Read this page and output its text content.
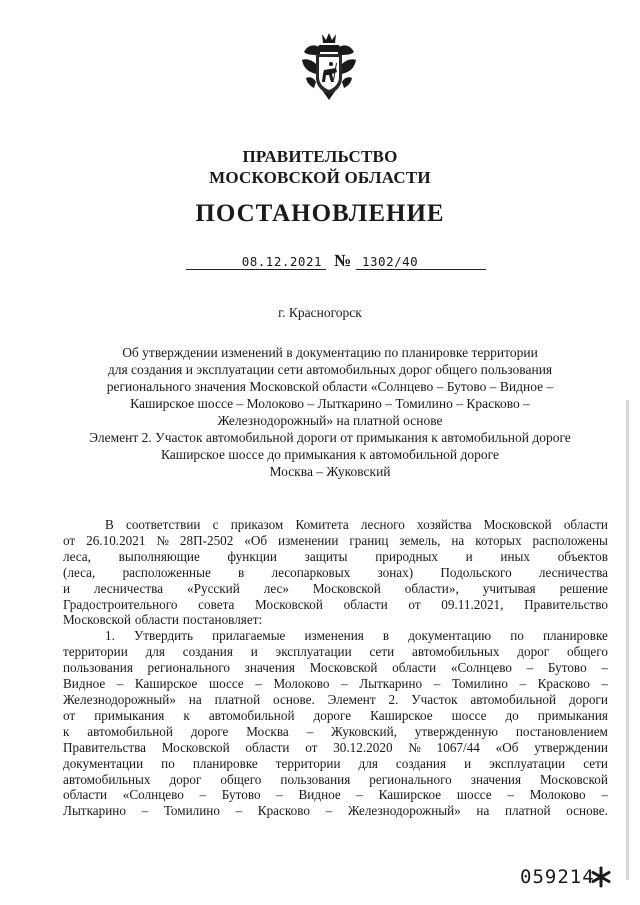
ПРАВИТЕЛЬСТВО
МОСКОВСКОЙ ОБЛАСТИ
ПОСТАНОВЛЕНИЕ
08.12.2021 № 1302/40
г. Красногорск
Об утверждении изменений в документацию по планировке территории
для создания и эксплуатации сети автомобильных дорог общего пользования
регионального значения Московской области «Солнцево – Бутово – Видное –
Каширское шоссе – Молоково – Лыткарино – Томилино – Красково –
Железнодорожный» на платной основе
Элемент 2. Участок автомобильной дороги от примыкания к автомобильной дороге
Каширское шоссе до примыкания к автомобильной дороге
Москва – Жуковский
В соответствии с приказом Комитета лесного хозяйства Московской области
от 26.10.2021 № 28П-2502 «Об изменении границ земель, на которых расположены
леса, выполняющие функции защиты природных и иных объектов
(леса, расположенные в лесопарковых зонах) Подольского лесничества
и лесничества «Русский лес» Московской области», учитывая решение
Градостроительного совета Московской области от 09.11.2021, Правительство
Московской области постановляет:
1. Утвердить прилагаемые изменения в документацию по планировке
территории для создания и эксплуатации сети автомобильных дорог общего
пользования регионального значения Московской области «Солнцево – Бутово –
Видное – Каширское шоссе – Молоково – Лыткарино – Томилино – Красково –
Железнодорожный» на платной основе. Элемент 2. Участок автомобильной дороги
от примыкания к автомобильной дороге Каширское шоссе до примыкания
к автомобильной дороге Москва – Жуковский, утвержденную постановлением
Правительства Московской области от 30.12.2020 № 1067/44 «Об утверждении
документации по планировке территории для создания и эксплуатации сети
автомобильных дорог общего пользования регионального значения Московской
области «Солнцево – Бутово – Видное – Каширское шоссе – Молоково –
Лыткарино – Томилино – Красково – Железнодорожный» на платной основе.
059214
